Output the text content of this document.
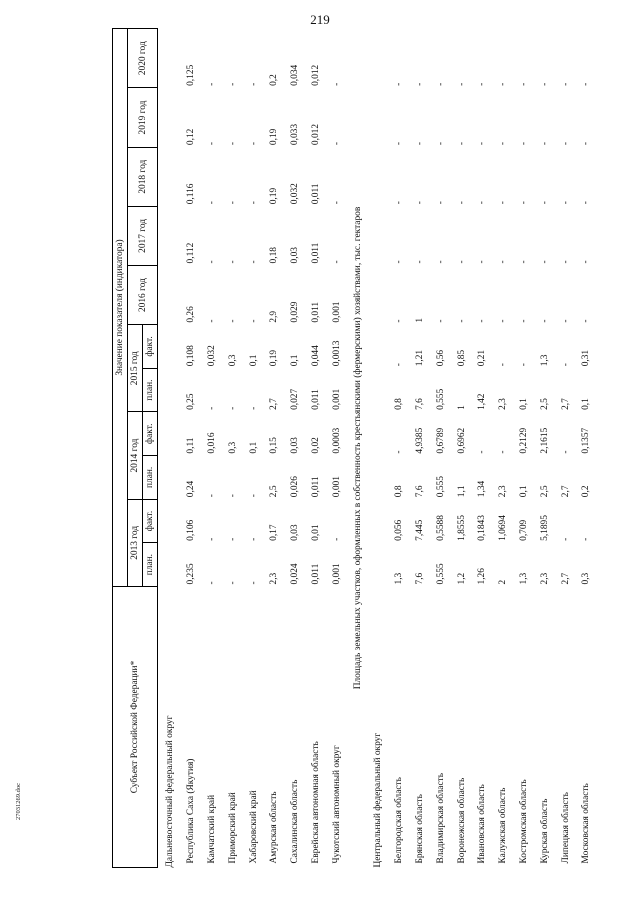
219
Субъект Российской Федерации*	Значение показателя (индикатора)										
	2013 год		2014 год		2015 год		2016 год	2017 год	2018 год	2019 год	2020 год
	план.	факт.	план.	факт.	план.	факт.					
Дальневосточный федеральный округ											
Республика Саха (Якутия)	0,235	0,106	0,24	0,11	0,25	0,108	0,26	0,112	0,116	0,12	0,125
Камчатский край	-	-	-	0,016	-	0,032	-	-	-	-	-
Приморский край	-	-	-	0,3	-	0,3	-	-	-	-	-
Хабаровский край	-	-	-	0,1	-	0,1	-	-	-	-	-
Амурская область	2,3	0,17	2,5	0,15	2,7	0,19	2,9	0,18	0,19	0,19	0,2
Сахалинская область	0,024	0,03	0,026	0,03	0,027	0,1	0,029	0,03	0,032	0,033	0,034
Еврейская автономная область	0,011	0,01	0,011	0,02	0,011	0,044	0,011	0,011	0,011	0,012	0,012
Чукотский автономный округ	0,001	-	0,001	0,0003	0,001	0,0013	0,001	-	-	-	-
Площадь земельных участков, оформленных в собственность крестьянскими (фермерскими) хозяйствами, тыс. гектаров											
Центральный федеральный округ											
Белгородская область	1,3	0,056	0,8	-	0,8	-	-	-	-	-	-
Брянская область	7,6	7,445	7,6	4,9385	7,6	1,21	1	-	-	-	-
Владимирская область	0,555	0,5588	0,555	0,6789	0,555	0,56	-	-	-	-	-
Воронежская область	1,2	1,8555	1,1	0,6962	1	0,85	-	-	-	-	-
Ивановская область	1,26	0,1843	1,34	-	1,42	0,21	-	-	-	-	-
Калужская область	2	1,0694	2,3	-	2,3	-	-	-	-	-	-
Костромская область	1,3	0,709	0,1	0,2129	0,1	-	-	-	-	-	-
Курская область	2,3	5,1895	2,5	2,1615	2,5	1,3	-	-	-	-	-
Липецкая область	2,7	-	2,7	-	2,7	-	-	-	-	-	-
Московская область	0,3	-	0,2	0,1357	0,1	0,31	-	-	-	-	-
27031269.doc
